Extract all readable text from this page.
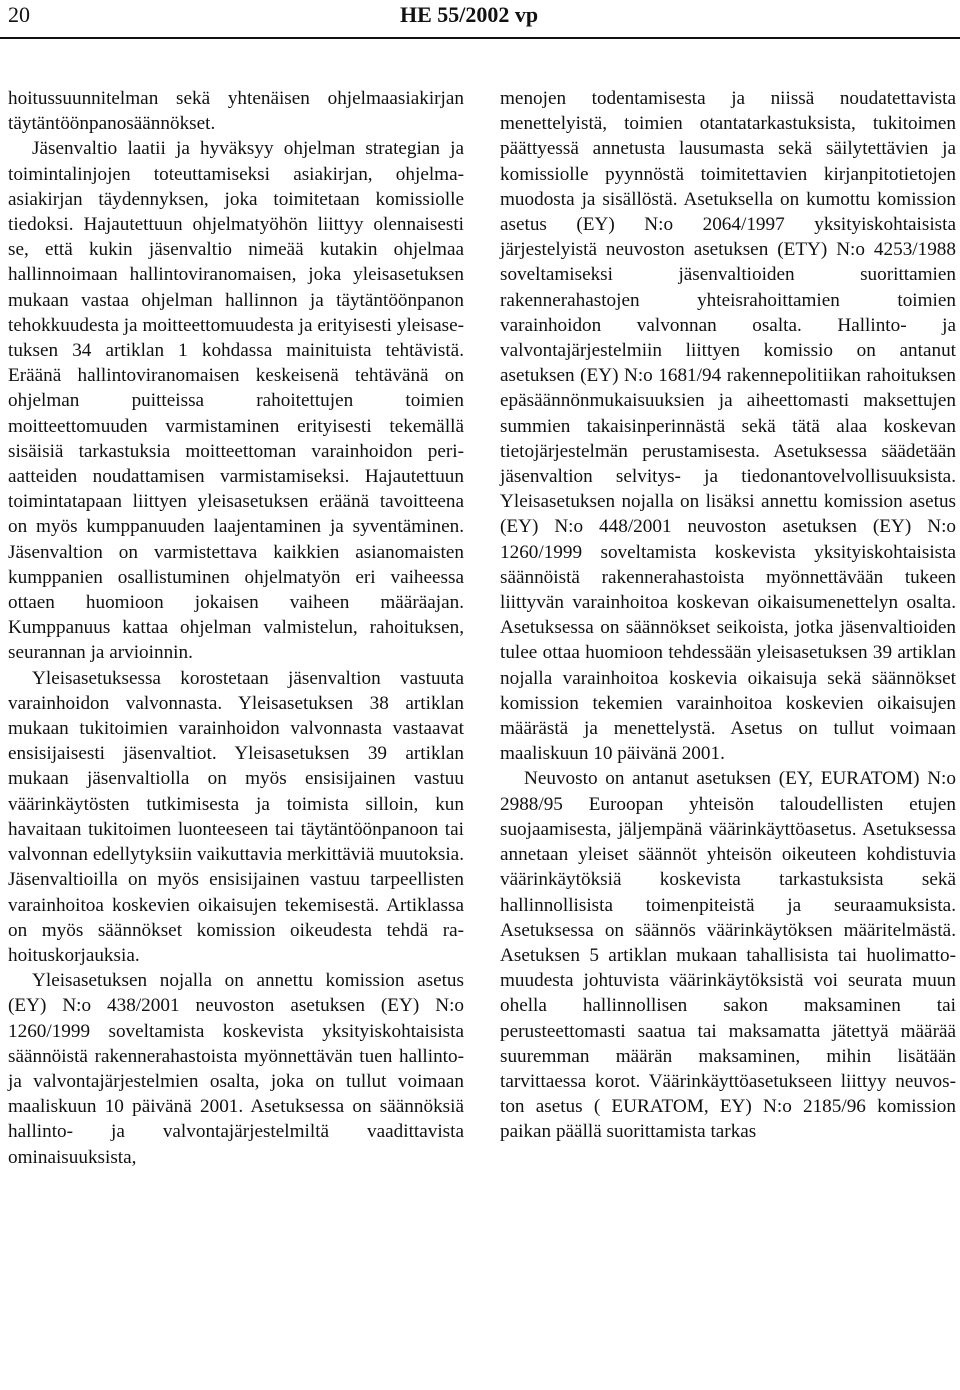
20	HE 55/2002 vp

hoitussuunnitelman sekä yhtenäisen ohjelmaasiakirjan täytäntöönpanosäännökset.

Jäsenvaltio laatii ja hyväksyy ohjelman strategian ja toimintalinjojen toteuttamiseksi asiakirjan, ohjelma-asiakirjan täydennyksen, joka toimitetaan komissiolle tiedoksi. Hajautettuun ohjelmatyöhön liittyy olennaisesti se, että kukin jäsenvaltio nimeää kutakin ohjelmaa hallinnoimaan hallintoviranomaisen, joka yleisasetuksen mukaan vastaa ohjelman hallinnon ja täytäntöönpanon tehokkuudesta ja moitteettomuudesta ja erityisesti yleisasetuksen 34 artiklan 1 kohdassa mainituista tehtävistä. Eräänä hallintoviranomaisen keskeisenä tehtävänä on ohjelman puitteissa rahoitettujen toimien moitteettomuuden varmistaminen erityisesti tekemällä sisäisiä tarkastuksia moitteettoman varainhoidon periaatteiden noudattamisen varmistamiseksi. Hajautettuun toimintatapaan liittyen yleisasetuksen eräänä tavoitteena on myös kumppanuuden laajentaminen ja syventäminen. Jäsenvaltion on varmistettava kaikkien asianomaisten kumppanien osallistuminen ohjelmatyön eri vaiheessa ottaen huomioon jokaisen vaiheen määräajan. Kumppanuus kattaa ohjelman valmistelun, rahoituksen, seurannan ja arvioinnin.

Yleisasetuksessa korostetaan jäsenvaltion vastuuta varainhoidon valvonnasta. Yleisasetuksen 38 artiklan mukaan tukitoimien varainhoidon valvonnasta vastaavat ensisijaisesti jäsenvaltiot. Yleisasetuksen 39 artiklan mukaan jäsenvaltiolla on myös ensisijainen vastuu väärinkäytösten tutkimisesta ja toimista silloin, kun havaitaan tukitoimen luonteeseen tai täytäntöönpanoon tai valvonnan edellytyksiin vaikuttavia merkittäviä muutoksia. Jäsenvaltioilla on myös ensisijainen vastuu tarpeellisten varainhoitoa koskevien oikaisujen tekemisestä. Artiklassa on myös säännökset komission oikeudesta tehdä rahoituskorjauksia.

Yleisasetuksen nojalla on annettu komission asetus (EY) N:o 438/2001 neuvoston asetuksen (EY) N:o 1260/1999 soveltamista koskevista yksityiskohtaisista säännöistä rakennerahastoista myönnettävän tuen hallintoja valvontajärjestelmien osalta, joka on tullut voimaan maaliskuun 10 päivänä 2001. Asetuksessa on säännöksiä hallinto- ja valvontajärjestelmiltä vaadittavista ominaisuuksista,

menojen todentamisesta ja niissä noudatettavista menettelyistä, toimien otantatarkastuksista, tukitoimen päättyessä annetusta lausumasta sekä säilytettävien ja komissiolle pyynnöstä toimitettavien kirjanpitotietojen muodosta ja sisällöstä. Asetuksella on kumottu komission asetus (EY) N:o 2064/1997 yksityiskohtaisista järjestelyistä neuvoston asetuksen (ETY) N:o 4253/1988 soveltamiseksi jäsenvaltioiden suorittamien rakennerahastojen yhteisrahoittamien toimien varainhoidon valvonnan osalta. Hallinto- ja valvontajärjestelmiin liittyen komissio on antanut asetuksen (EY) N:o 1681/94 rakennepolitiikan rahoituksen epäsäännönmukaisuuksien ja aiheettomasti maksettujen summien takaisinperinnästä sekä tätä alaa koskevan tietojärjestelmän perustamisesta. Asetuksessa säädetään jäsenvaltion selvitys- ja tiedonantovelvollisuuksista. Yleisasetuksen nojalla on lisäksi annettu komission asetus (EY) N:o 448/2001 neuvoston asetuksen (EY) N:o 1260/1999 soveltamista koskevista yksityiskohtaisista säännöistä rakennerahastoista myönnettävään tukeen liittyvän varainhoitoa koskevan oikaisumenettelyn osalta. Asetuksessa on säännökset seikoista, jotka jäsenvaltioiden tulee ottaa huomioon tehdessään yleisasetuksen 39 artiklan nojalla varainhoitoa koskevia oikaisuja sekä säännökset komission tekemien varainhoitoa koskevien oikaisujen määrästä ja menettelystä. Asetus on tullut voimaan maaliskuun 10 päivänä 2001.

Neuvosto on antanut asetuksen (EY, EURATOM) N:o 2988/95 Euroopan yhteisön taloudellisten etujen suojaamisesta, jäljempänä väärinkäyttöasetus. Asetuksessa annetaan yleiset säännöt yhteisön oikeuteen kohdistuvia väärinkäytöksiä koskevista tarkastuksista sekä hallinnollisista toimenpiteistä ja seuraamuksista. Asetuksessa on säännös väärinkäytöksen määritelmästä. Asetuksen 5 artiklan mukaan tahallisista tai huolimattomuudesta johtuvista väärinkäytöksistä voi seurata muun ohella hallinnollisen sakon maksaminen tai perusteettomasti saatua tai maksamatta jätettyä määrää suuremman määrän maksaminen, mihin lisätään tarvittaessa korot. Väärinkäyttöasetukseen liittyy neuvoston asetus ( EURATOM, EY) N:o 2185/96 komission paikan päällä suorittamista tarkas
